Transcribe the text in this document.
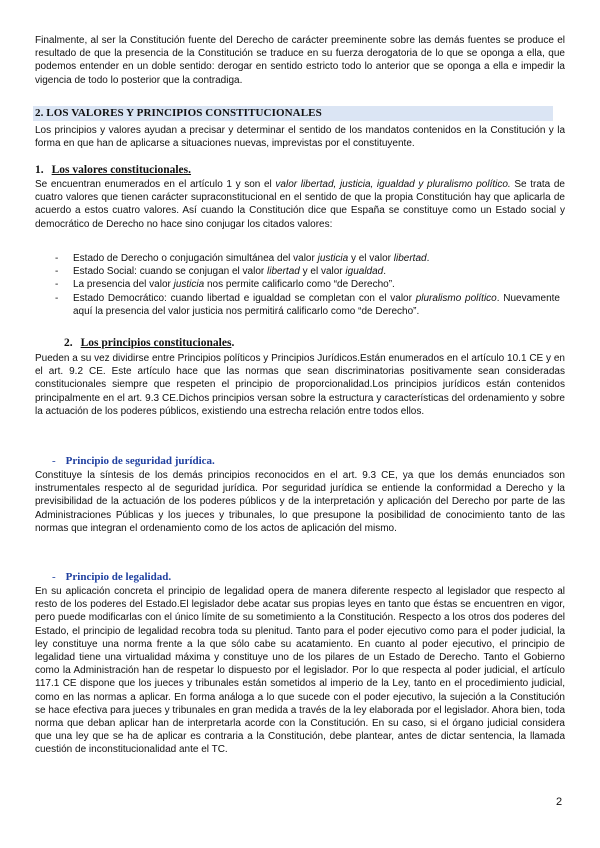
Finalmente, al ser la Constitución fuente del Derecho de carácter preeminente sobre las demás fuentes se produce el resultado de que la presencia de la Constitución se traduce en su fuerza derogatoria de lo que se oponga a ella, que podemos entender en un doble sentido: derogar en sentido estricto todo lo anterior que se oponga a ella e impedir la vigencia de todo lo posterior que la contradiga.

2. LOS VALORES Y PRINCIPIOS CONSTITUCIONALES

Los principios y valores ayudan a precisar y determinar el sentido de los mandatos contenidos en la Constitución y la forma en que han de aplicarse a situaciones nuevas, imprevistas por el constituyente.

1. Los valores constitucionales.

Se encuentran enumerados en el artículo 1 y son el valor libertad, justicia, igualdad y pluralismo político. Se trata de cuatro valores que tienen carácter supraconstitucional en el sentido de que la propia Constitución hay que aplicarla de acuerdo a estos cuatro valores. Así cuando la Constitución dice que España se constituye como un Estado social y democrático de Derecho no hace sino conjugar los citados valores:

- Estado de Derecho o conjugación simultánea del valor justicia y el valor libertad.
- Estado Social: cuando se conjugan el valor libertad y el valor igualdad.
- La presencia del valor justicia nos permite calificarlo como “de Derecho”.
- Estado Democrático: cuando libertad e igualdad se completan con el valor pluralismo político. Nuevamente aquí la presencia del valor justicia nos permitirá calificarlo como “de Derecho”.
2. Los principios constitucionales.

Pueden a su vez dividirse entre Principios políticos y Principios Jurídicos.Están enumerados en el artículo 10.1 CE y en el art. 9.2 CE. Este artículo hace que las normas que sean discriminatorias positivamente sean consideradas constitucionales siempre que respeten el principio de proporcionalidad.Los principios jurídicos están contenidos principalmente en el art. 9.3 CE.Dichos principios versan sobre la estructura y características del ordenamiento y sobre la actuación de los poderes públicos, existiendo una estrecha relación entre todos ellos.

- Principio de seguridad jurídica.

Constituye la síntesis de los demás principios reconocidos en el art. 9.3 CE, ya que los demás enunciados son instrumentales respecto al de seguridad jurídica. Por seguridad jurídica se entiende la conformidad a Derecho y la previsibilidad de la actuación de los poderes públicos y de la interpretación y aplicación del Derecho por parte de las Administraciones Públicas y los jueces y tribunales, lo que presupone la posibilidad de conocimiento tanto de las normas que integran el ordenamiento como de los actos de aplicación del mismo.

- Principio de legalidad.

En su aplicación concreta el principio de legalidad opera de manera diferente respecto al legislador que respecto al resto de los poderes del Estado.El legislador debe acatar sus propias leyes en tanto que éstas se encuentren en vigor, pero puede modificarlas con el único límite de su sometimiento a la Constitución. Respecto a los otros dos poderes del Estado, el principio de legalidad recobra toda su plenitud. Tanto para el poder ejecutivo como para el poder judicial, la ley constituye una norma frente a la que sólo cabe su acatamiento. En cuanto al poder ejecutivo, el principio de legalidad tiene una virtualidad máxima y constituye uno de los pilares de un Estado de Derecho. Tanto el Gobierno como la Administración han de respetar lo dispuesto por el legislador. Por lo que respecta al poder judicial, el artículo 117.1 CE dispone que los jueces y tribunales están sometidos al imperio de la Ley, tanto en el procedimiento judicial, como en las normas a aplicar. En forma análoga a lo que sucede con el poder ejecutivo, la sujeción a la Constitución se hace efectiva para jueces y tribunales en gran medida a través de la ley elaborada por el legislador. Ahora bien, toda norma que deban aplicar han de interpretarla acorde con la Constitución. En su caso, si el órgano judicial considera que una ley que se ha de aplicar es contraria a la Constitución, debe plantear, antes de dictar sentencia, la llamada cuestión de inconstitucionalidad ante el TC.

2
